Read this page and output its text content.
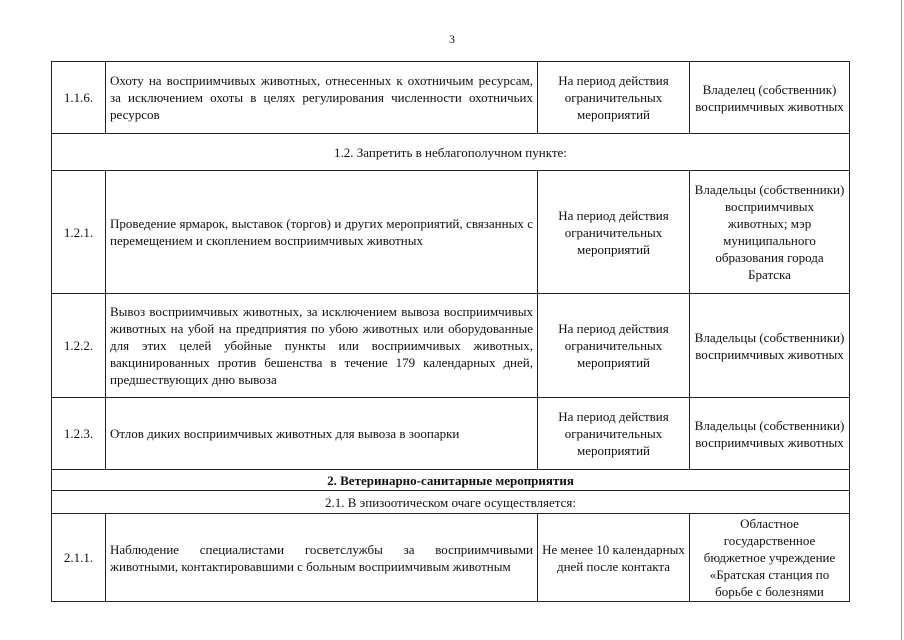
3
1.1.6.	Охоту на восприимчивых животных, отнесенных к охотничьим ресурсам, за исключением охоты в целях регулирования численности охотничьих ресурсов	На период действия ограничительных мероприятий	Владелец (собственник) восприимчивых животных
1.2. Запретить в неблагополучном пункте:			
1.2.1.	Проведение ярмарок, выставок (торгов) и других мероприятий, связанных с перемещением и скоплением восприимчивых животных	На период действия ограничительных мероприятий	Владельцы (собственники) восприимчивых животных; мэр муниципального образования города Братска
1.2.2.	Вывоз восприимчивых животных, за исключением вывоза восприимчивых животных на убой на предприятия по убою животных или оборудованные для этих целей убойные пункты или восприимчивых животных, вакцинированных против бешенства в течение 179 календарных дней, предшествующих дню вывоза	На период действия ограничительных мероприятий	Владельцы (собственники) восприимчивых животных
1.2.3.	Отлов диких восприимчивых животных для вывоза в зоопарки	На период действия ограничительных мероприятий	Владельцы (собственники) восприимчивых животных
2. Ветеринарно-санитарные мероприятия			
2.1. В эпизоотическом очаге осуществляется:			
2.1.1.	Наблюдение специалистами госветслужбы за восприимчивыми животными, контактировавшими с больным восприимчивым животным	Не менее 10 календарных дней после контакта	Областное государственное бюджетное учреждение «Братская станция по борьбе с болезнями
